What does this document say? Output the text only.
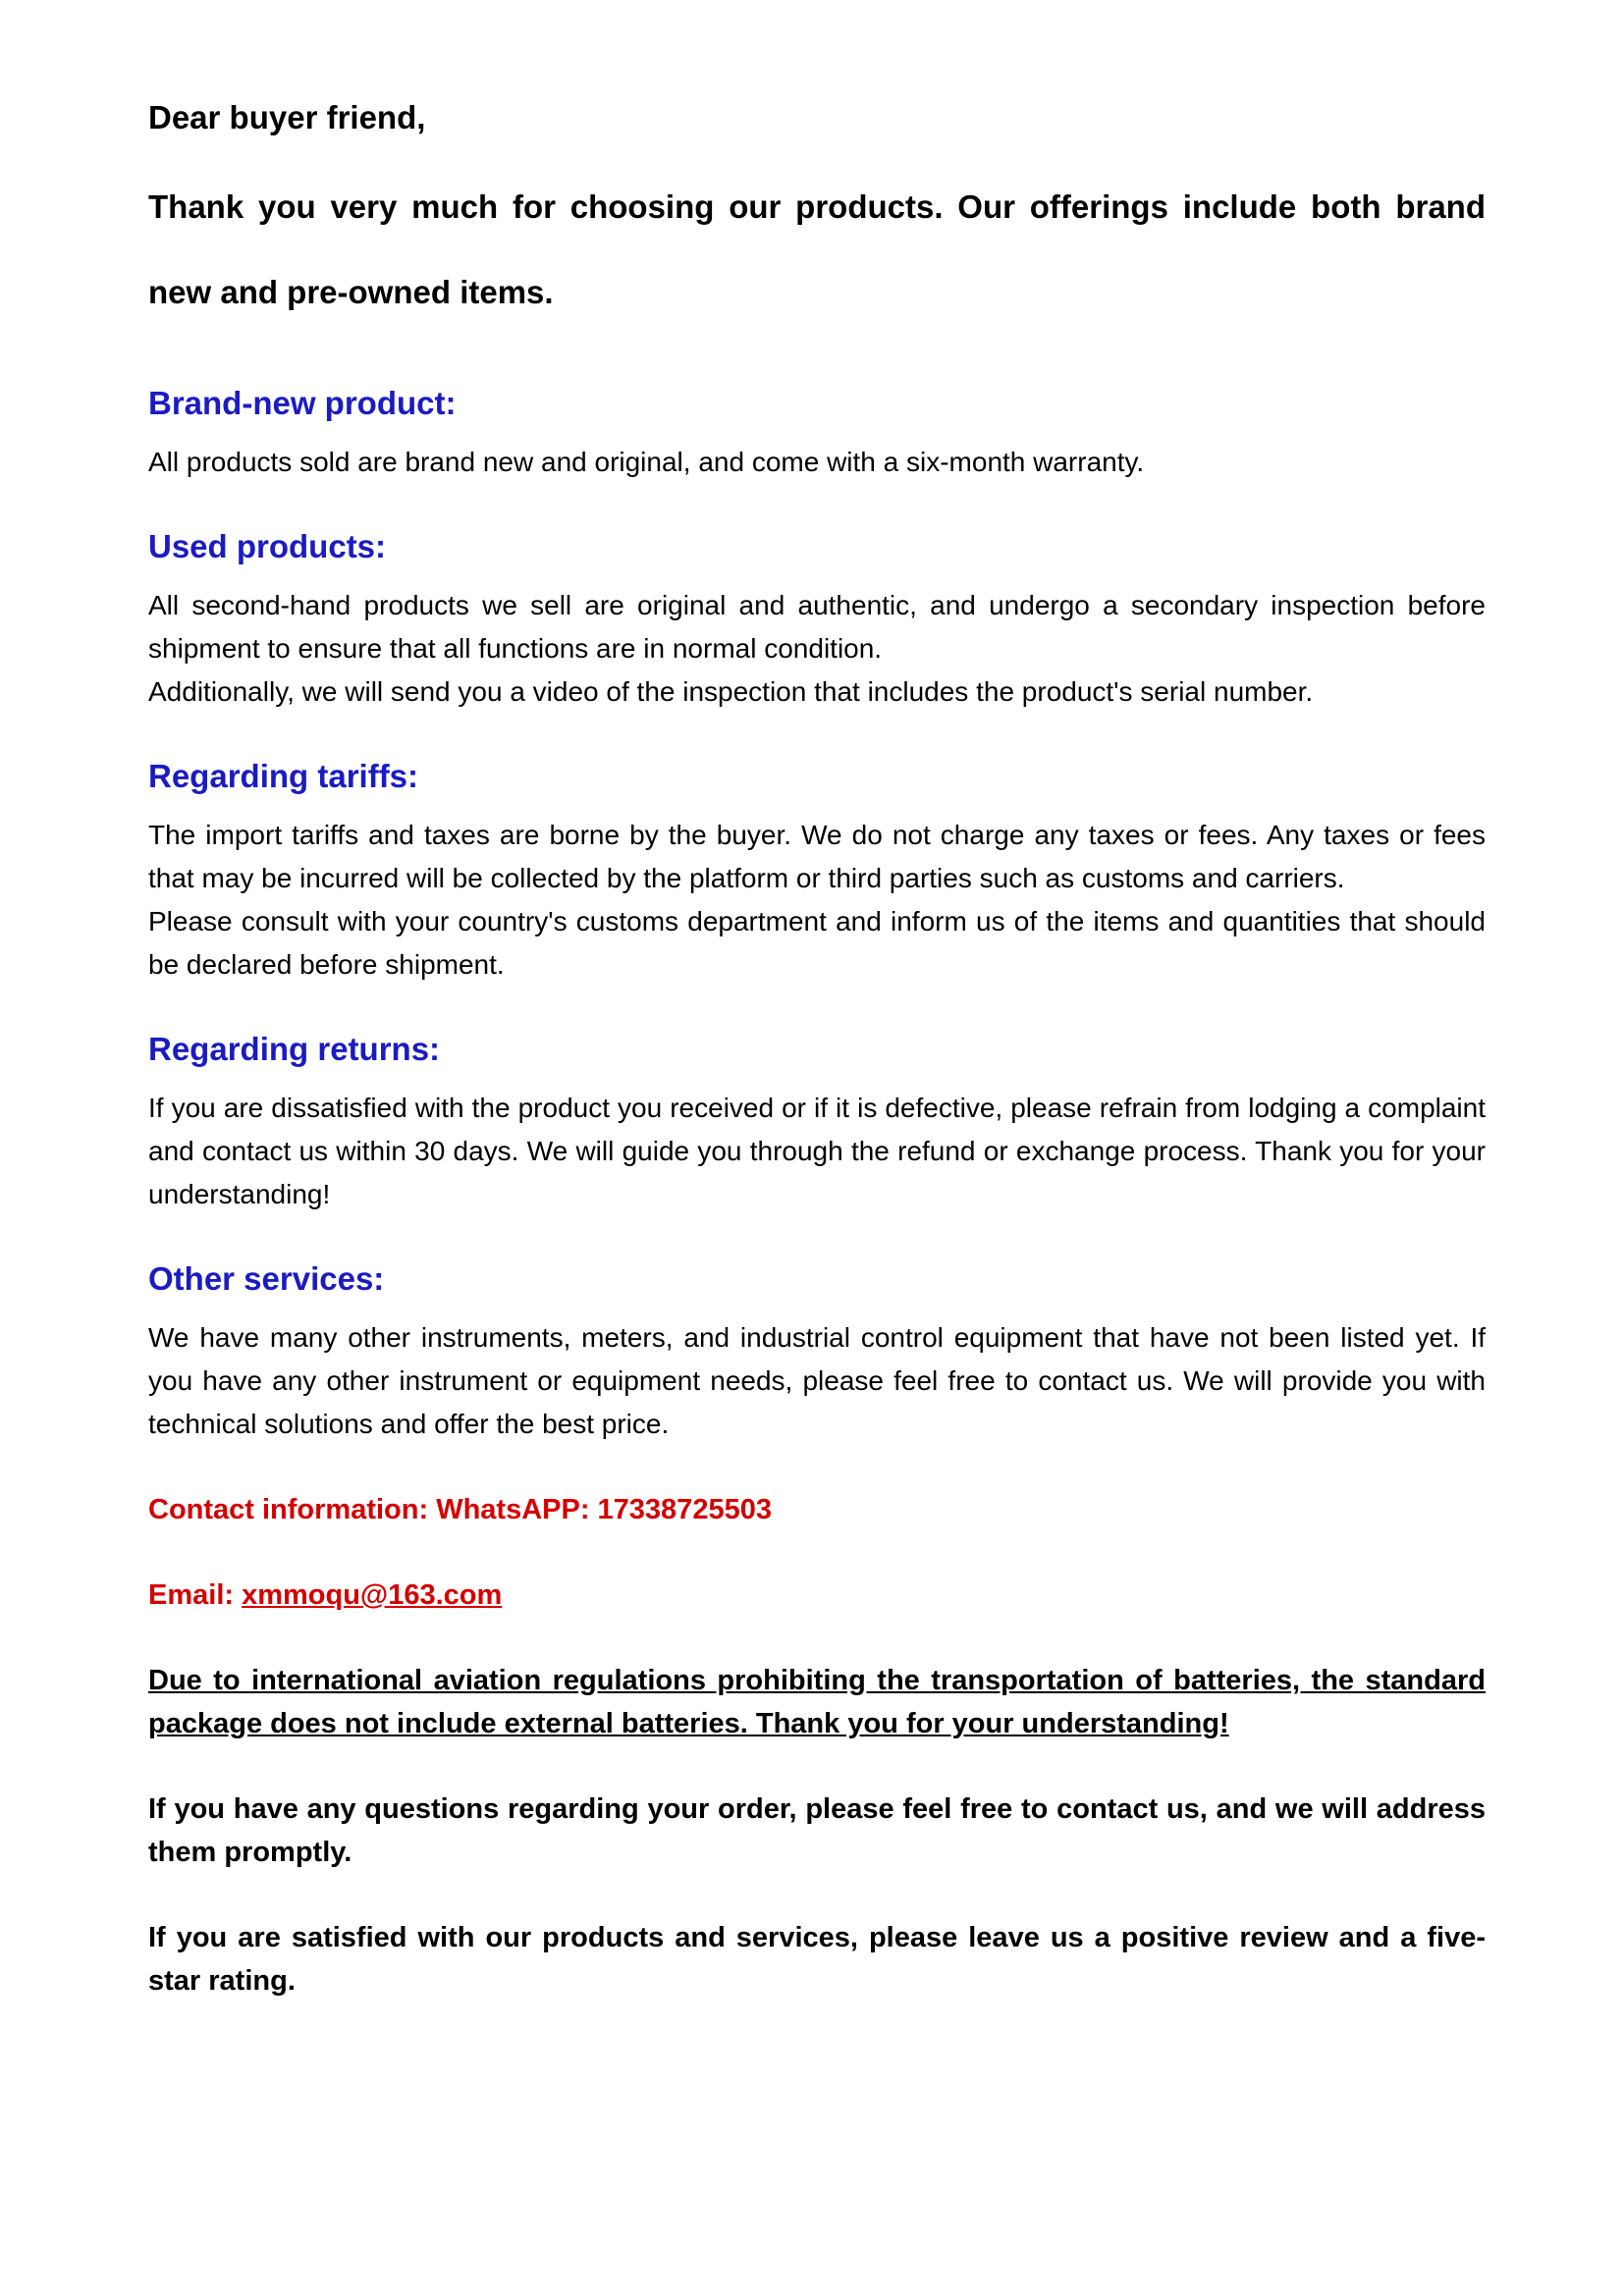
Dear buyer friend,

Thank you very much for choosing our products. Our offerings include both brand new and pre-owned items.

Brand-new product:

All products sold are brand new and original, and come with a six-month warranty.

Used products:

All second-hand products we sell are original and authentic, and undergo a secondary inspection before shipment to ensure that all functions are in normal condition.

Additionally, we will send you a video of the inspection that includes the product's serial number.

Regarding tariffs:

The import tariffs and taxes are borne by the buyer. We do not charge any taxes or fees. Any taxes or fees that may be incurred will be collected by the platform or third parties such as customs and carriers.

Please consult with your country's customs department and inform us of the items and quantities that should be declared before shipment.

Regarding returns:

If you are dissatisfied with the product you received or if it is defective, please refrain from lodging a complaint and contact us within 30 days. We will guide you through the refund or exchange process. Thank you for your understanding!

Other services:

We have many other instruments, meters, and industrial control equipment that have not been listed yet. If you have any other instrument or equipment needs, please feel free to contact us. We will provide you with technical solutions and offer the best price.

Contact information: WhatsAPP: 17338725503

Email: xmmoqu@163.com

Due to international aviation regulations prohibiting the transportation of batteries, the standard package does not include external batteries. Thank you for your understanding!

If you have any questions regarding your order, please feel free to contact us, and we will address them promptly.

If you are satisfied with our products and services, please leave us a positive review and a five-star rating.
